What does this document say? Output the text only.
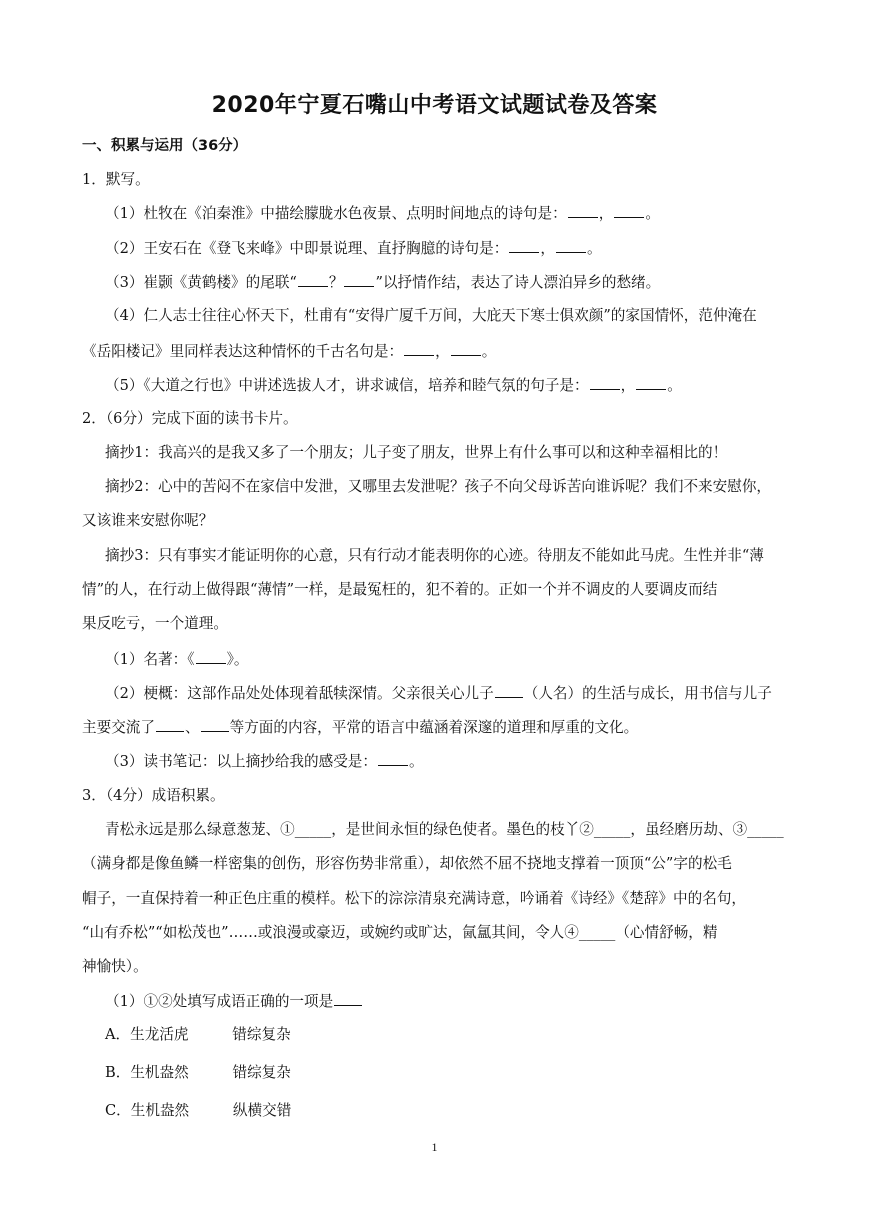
2020年宁夏石嘴山中考语文试题试卷及答案
一、积累与运用（36分）
1．默写。
（1）杜牧在《泊秦淮》中描绘朦胧水色夜景、点明时间地点的诗句是： ， 。
（2）王安石在《登飞来峰》中即景说理、直抒胸臆的诗句是： ， 。
（3）崔颢《黄鹤楼》的尾联“ ？ ”以抒情作结，表达了诗人漂泊异乡的愁绪。
（4）仁人志士往往心怀天下，杜甫有“安得广厦千万间，大庇天下寒士俱欢颜”的家国情怀，范仲淹在
《岳阳楼记》里同样表达这种情怀的千古名句是： ， 。
（5）《大道之行也》中讲述选拔人才，讲求诚信，培养和睦气氛的句子是： ， 。
2．（6分）完成下面的读书卡片。
摘抄1：我高兴的是我又多了一个朋友；儿子变了朋友，世界上有什么事可以和这种幸福相比的！
摘抄2：心中的苦闷不在家信中发泄，又哪里去发泄呢？孩子不向父母诉苦向谁诉呢？我们不来安慰你，
又该谁来安慰你呢？
摘抄3：只有事实才能证明你的心意，只有行动才能表明你的心迹。待朋友不能如此马虎。生性并非“薄
情”的人，在行动上做得跟“薄情”一样，是最冤枉的，犯不着的。正如一个并不调皮的人要调皮而结
果反吃亏，一个道理。
（1）名著：《 》。
（2）梗概：这部作品处处体现着舐犊深情。父亲很关心儿子 （人名）的生活与成长，用书信与儿子
主要交流了 、 等方面的内容，平常的语言中蕴涵着深邃的道理和厚重的文化。
（3）读书笔记：以上摘抄给我的感受是： 。
3．（4分）成语积累。
青松永远是那么绿意葱茏、①_____，是世间永恒的绿色使者。墨色的枝丫②_____，虽经磨历劫、③_____
（满身都是像鱼鳞一样密集的创伤，形容伤势非常重），却依然不屈不挠地支撑着一顶顶“公”字的松毛
帽子，一直保持着一种正色庄重的模样。松下的淙淙清泉充满诗意，吟诵着《诗经》《楚辞》中的名句，
“山有乔松”“如松茂也”……或浪漫或豪迈，或婉约或旷达，氤氲其间，令人④_____（心情舒畅，精
神愉快）。
（1）①②处填写成语正确的一项是
A．生龙活虎　　　错综复杂
B．生机盎然　　　错综复杂
C．生机盎然　　　纵横交错
1
